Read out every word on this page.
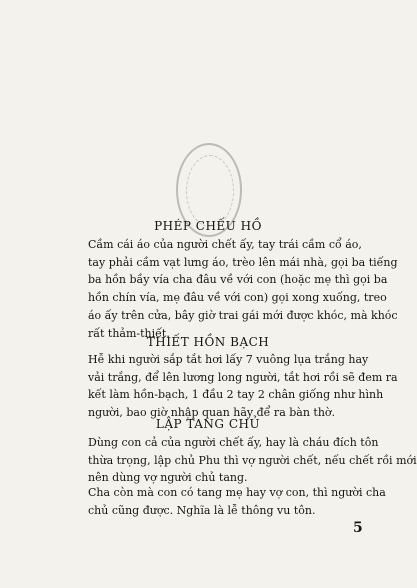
PHÉP CHẾU HỒ
Cầm cái áo của người chết ấy, tay trái cầm cổ áo,
tay phải cầm vạt lưng áo, trèo lên mái nhà, gọi ba tiếng
ba hồn bầy vía cha đâu về với con (hoặc mẹ thì gọi ba
hồn chín vía, mẹ đâu về với con) gọi xong xuống, treo
áo ấy trên cửa, bây giờ trai gái mới được khóc, mà khóc
rất thảm-thiết.
THIẾT HỒN BẠCH
Hễ khi người sắp tắt hơi lấy 7 vuông lụa trắng hay
vải trắng, để lên lương long người, tắt hơi rồi sẽ đem ra
kết làm hồn-bạch, 1 đầu 2 tay 2 chân giống như hình
người, bao giờ nhập quan hãy để ra bàn thờ.
LẬP TANG CHỦ
Dùng con cả của người chết ấy, hay là cháu đích tôn
thừa trọng, lập chủ Phu thì vợ người chết, nếu chết rồi mới
nên dùng vợ người chủ tang.
Cha còn mà con có tang mẹ hay vợ con, thì người cha
chủ cũng được. Nghĩa là lễ thông vu tôn.
5
